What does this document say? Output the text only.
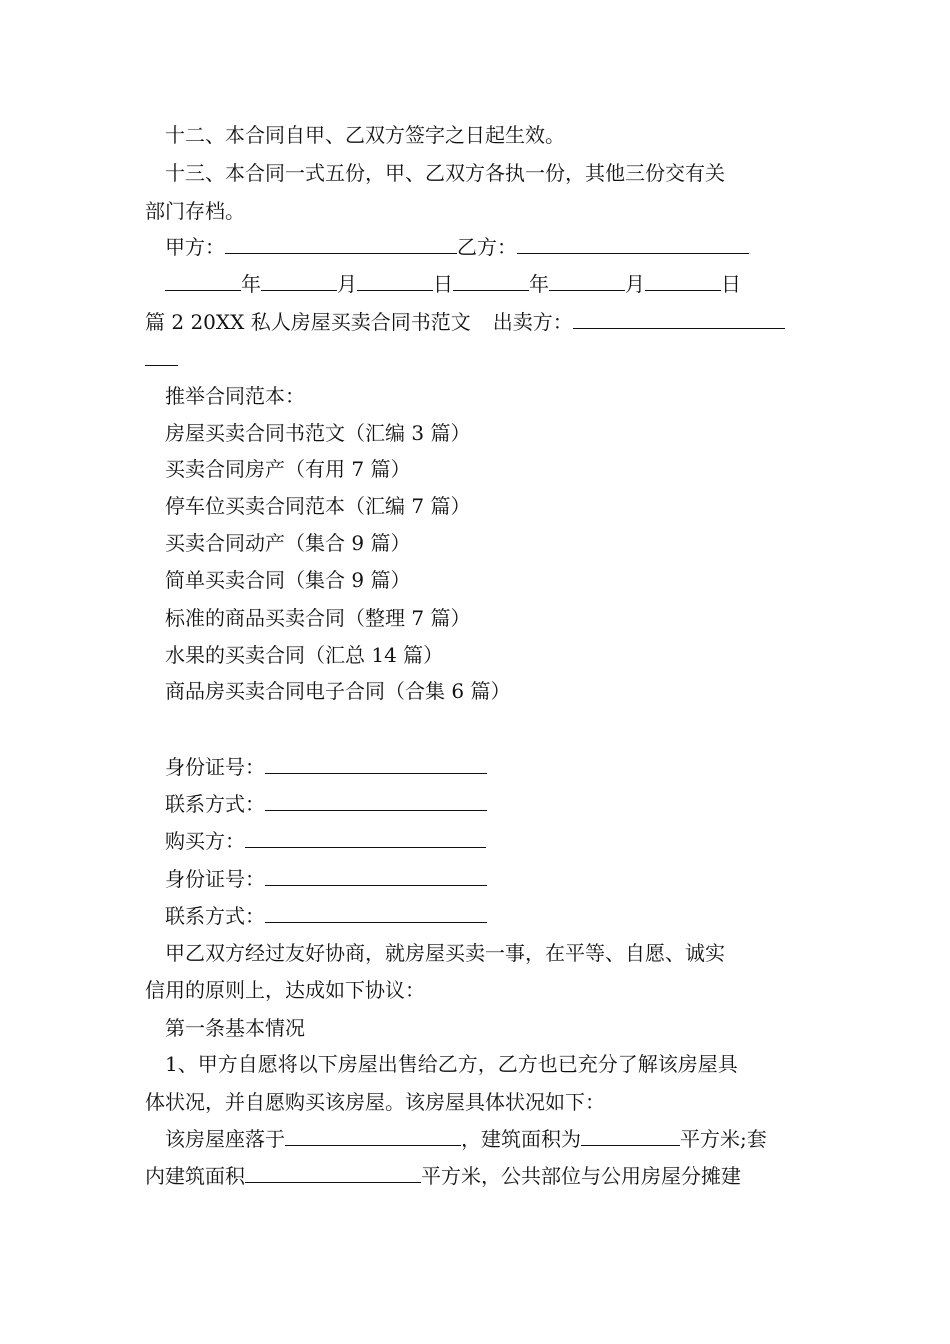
十二、本合同自甲、乙双方签字之日起生效。
十三、本合同一式五份，甲、乙双方各执一份，其他三份交有关
部门存档。
甲方：	乙方：
年	月	日	年	月	日
篇 2 20XX 私人房屋买卖合同书范文 出卖方：
推举合同范本：
房屋买卖合同书范文（汇编 3 篇）
买卖合同房产（有用 7 篇）
停车位买卖合同范本（汇编 7 篇）
买卖合同动产（集合 9 篇）
简单买卖合同（集合 9 篇）
标准的商品买卖合同（整理 7 篇）
水果的买卖合同（汇总 14 篇）
商品房买卖合同电子合同（合集 6 篇）
身份证号：
联系方式：
购买方：
身份证号：
联系方式：
甲乙双方经过友好协商，就房屋买卖一事，在平等、自愿、诚实
信用的原则上，达成如下协议：
第一条基本情况
1、甲方自愿将以下房屋出售给乙方，乙方也已充分了解该房屋具
体状况，并自愿购买该房屋。该房屋具体状况如下：
该房屋座落于	，建筑面积为	平方米;套
内建筑面积	平方米，公共部位与公用房屋分摊建
